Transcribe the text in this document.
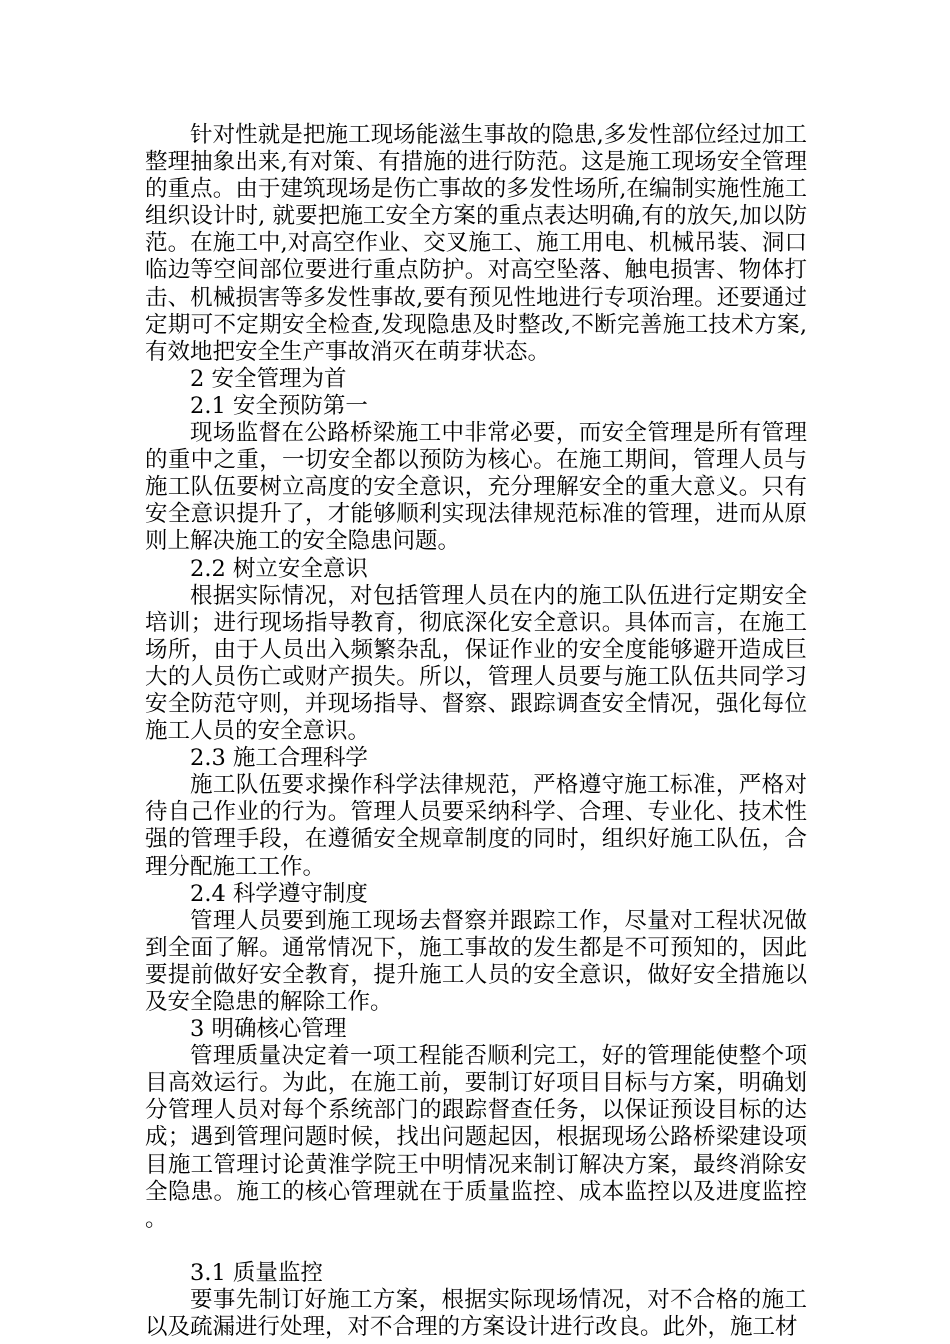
针对性就是把施工现场能滋生事故的隐患,多发性部位经过加工整理抽象出来,有对策、有措施的进行防范。这是施工现场安全管理的重点。由于建筑现场是伤亡事故的多发性场所,在编制实施性施工组织设计时, 就要把施工安全方案的重点表达明确,有的放矢,加以防范。在施工中,对高空作业、交叉施工、施工用电、机械吊装、洞口临边等空间部位要进行重点防护。对高空坠落、触电损害、物体打击、机械损害等多发性事故,要有预见性地进行专项治理。还要通过定期可不定期安全检查,发现隐患及时整改,不断完善施工技术方案,有效地把安全生产事故消灭在萌芽状态。

2 安全管理为首
2.1 安全预防第一

现场监督在公路桥梁施工中非常必要，而安全管理是所有管理的重中之重，一切安全都以预防为核心。在施工期间，管理人员与施工队伍要树立高度的安全意识，充分理解安全的重大意义。只有安全意识提升了，才能够顺利实现法律规范标准的管理，进而从原则上解决施工的安全隐患问题。

2.2 树立安全意识

根据实际情况，对包括管理人员在内的施工队伍进行定期安全培训；进行现场指导教育，彻底深化安全意识。具体而言，在施工场所，由于人员出入频繁杂乱，保证作业的安全度能够避开造成巨大的人员伤亡或财产损失。所以，管理人员要与施工队伍共同学习安全防范守则，并现场指导、督察、跟踪调查安全情况，强化每位施工人员的安全意识。

2.3 施工合理科学

施工队伍要求操作科学法律规范，严格遵守施工标准，严格对待自己作业的行为。管理人员要采纳科学、合理、专业化、技术性强的管理手段，在遵循安全规章制度的同时，组织好施工队伍，合理分配施工工作。

2.4 科学遵守制度

管理人员要到施工现场去督察并跟踪工作，尽量对工程状况做到全面了解。通常情况下，施工事故的发生都是不可预知的，因此要提前做好安全教育，提升施工人员的安全意识，做好安全措施以及安全隐患的解除工作。

3 明确核心管理

管理质量决定着一项工程能否顺利完工，好的管理能使整个项目高效运行。为此，在施工前，要制订好项目目标与方案，明确划分管理人员对每个系统部门的跟踪督查任务，以保证预设目标的达成；遇到管理问题时候，找出问题起因，根据现场公路桥梁建设项目施工管理讨论黄淮学院王中明情况来制订解决方案，最终消除安全隐患。施工的核心管理就在于质量监控、成本监控以及进度监控。

3.1 质量监控

要事先制订好施工方案，根据实际现场情况，对不合格的施工以及疏漏进行处理，对不合理的方案设计进行改良。此外，施工材
